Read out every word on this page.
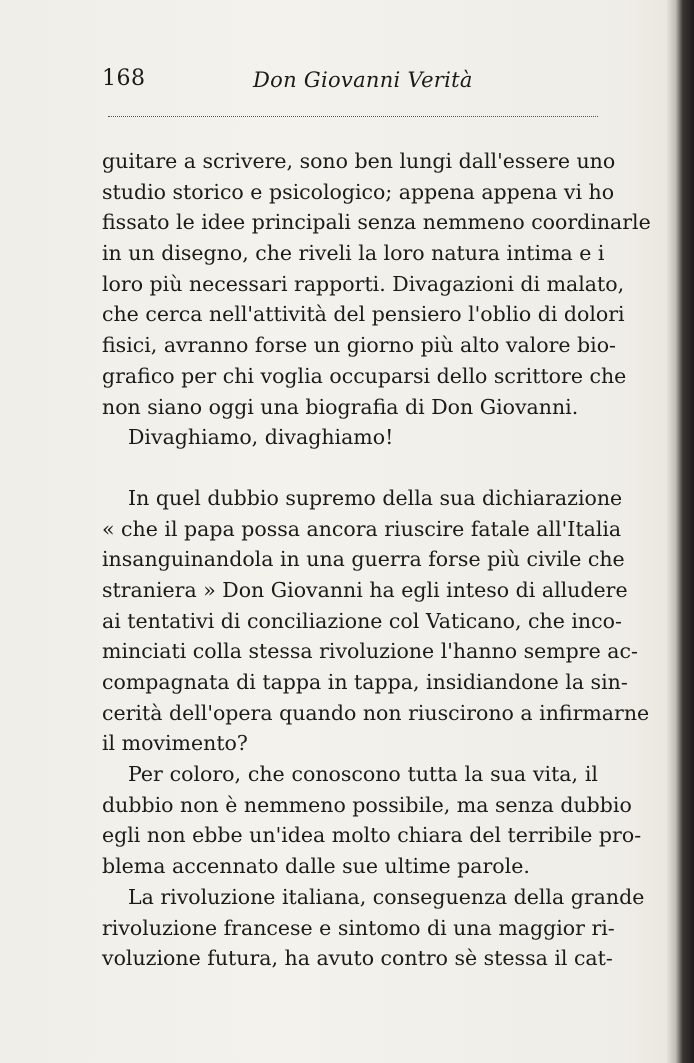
168	Don Giovanni Verità
guitare a scrivere, sono ben lungi dall'essere uno
studio storico e psicologico; appena appena vi ho
fissato le idee principali senza nemmeno coordinarle
in un disegno, che riveli la loro natura intima e i
loro più necessari rapporti. Divagazioni di malato,
che cerca nell'attività del pensiero l'oblio di dolori
fisici, avranno forse un giorno più alto valore bio-
grafico per chi voglia occuparsi dello scrittore che
non siano oggi una biografia di Don Giovanni.
Divaghiamo, divaghiamo!
In quel dubbio supremo della sua dichiarazione
« che il papa possa ancora riuscire fatale all'Italia
insanguinandola in una guerra forse più civile che
straniera » Don Giovanni ha egli inteso di alludere
ai tentativi di conciliazione col Vaticano, che inco-
minciati colla stessa rivoluzione l'hanno sempre ac-
compagnata di tappa in tappa, insidiandone la sin-
cerità dell'opera quando non riuscirono a infirmarne
il movimento?
Per coloro, che conoscono tutta la sua vita, il
dubbio non è nemmeno possibile, ma senza dubbio
egli non ebbe un'idea molto chiara del terribile pro-
blema accennato dalle sue ultime parole.
La rivoluzione italiana, conseguenza della grande
rivoluzione francese e sintomo di una maggior ri-
voluzione futura, ha avuto contro sè stessa il cat-
